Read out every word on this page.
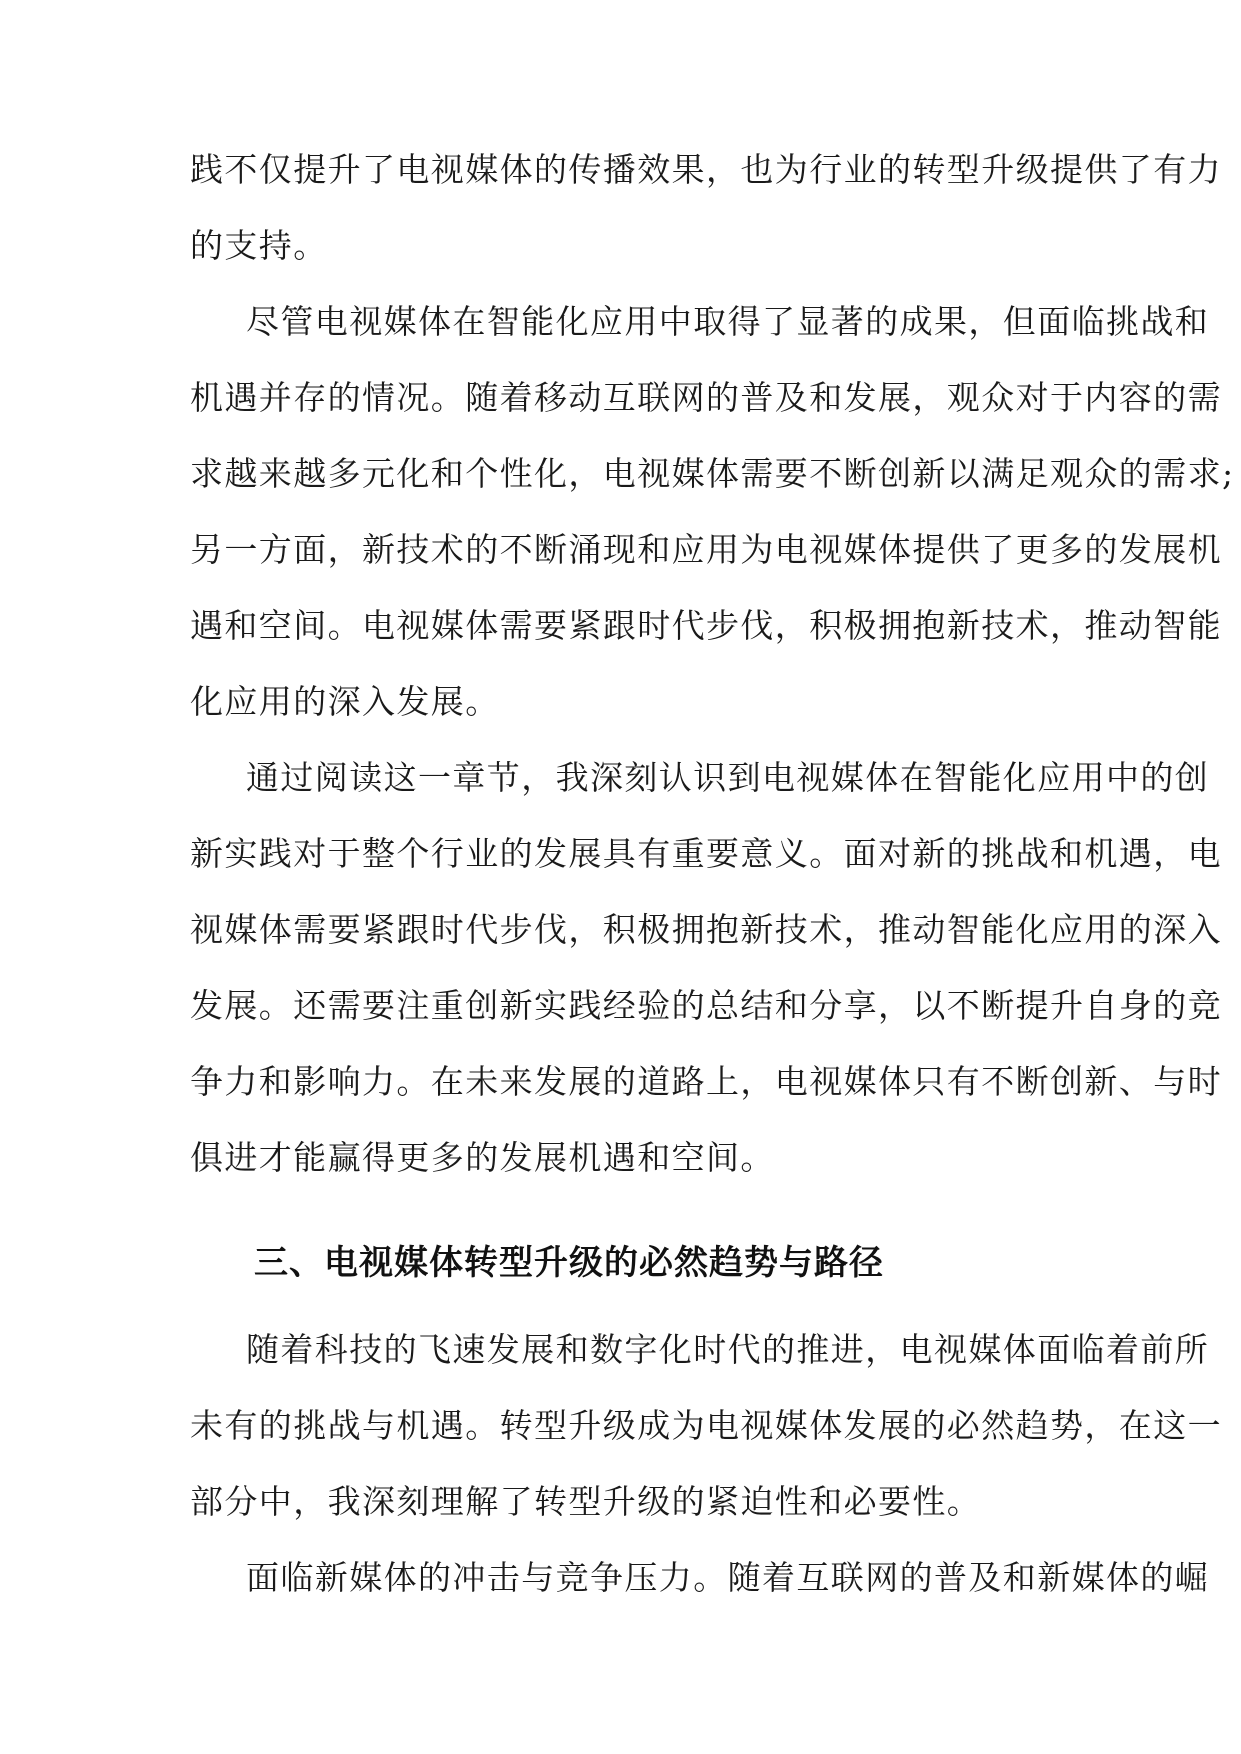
践不仅提升了电视媒体的传播效果，也为行业的转型升级提供了有力
的支持。
尽管电视媒体在智能化应用中取得了显著的成果，但面临挑战和
机遇并存的情况。随着移动互联网的普及和发展，观众对于内容的需
求越来越多元化和个性化，电视媒体需要不断创新以满足观众的需求;
另一方面，新技术的不断涌现和应用为电视媒体提供了更多的发展机
遇和空间。电视媒体需要紧跟时代步伐，积极拥抱新技术，推动智能
化应用的深入发展。
通过阅读这一章节，我深刻认识到电视媒体在智能化应用中的创
新实践对于整个行业的发展具有重要意义。面对新的挑战和机遇，电
视媒体需要紧跟时代步伐，积极拥抱新技术，推动智能化应用的深入
发展。还需要注重创新实践经验的总结和分享，以不断提升自身的竞
争力和影响力。在未来发展的道路上，电视媒体只有不断创新、与时
俱进才能赢得更多的发展机遇和空间。
三、电视媒体转型升级的必然趋势与路径
随着科技的飞速发展和数字化时代的推进，电视媒体面临着前所
未有的挑战与机遇。转型升级成为电视媒体发展的必然趋势，在这一
部分中，我深刻理解了转型升级的紧迫性和必要性。
面临新媒体的冲击与竞争压力。随着互联网的普及和新媒体的崛
